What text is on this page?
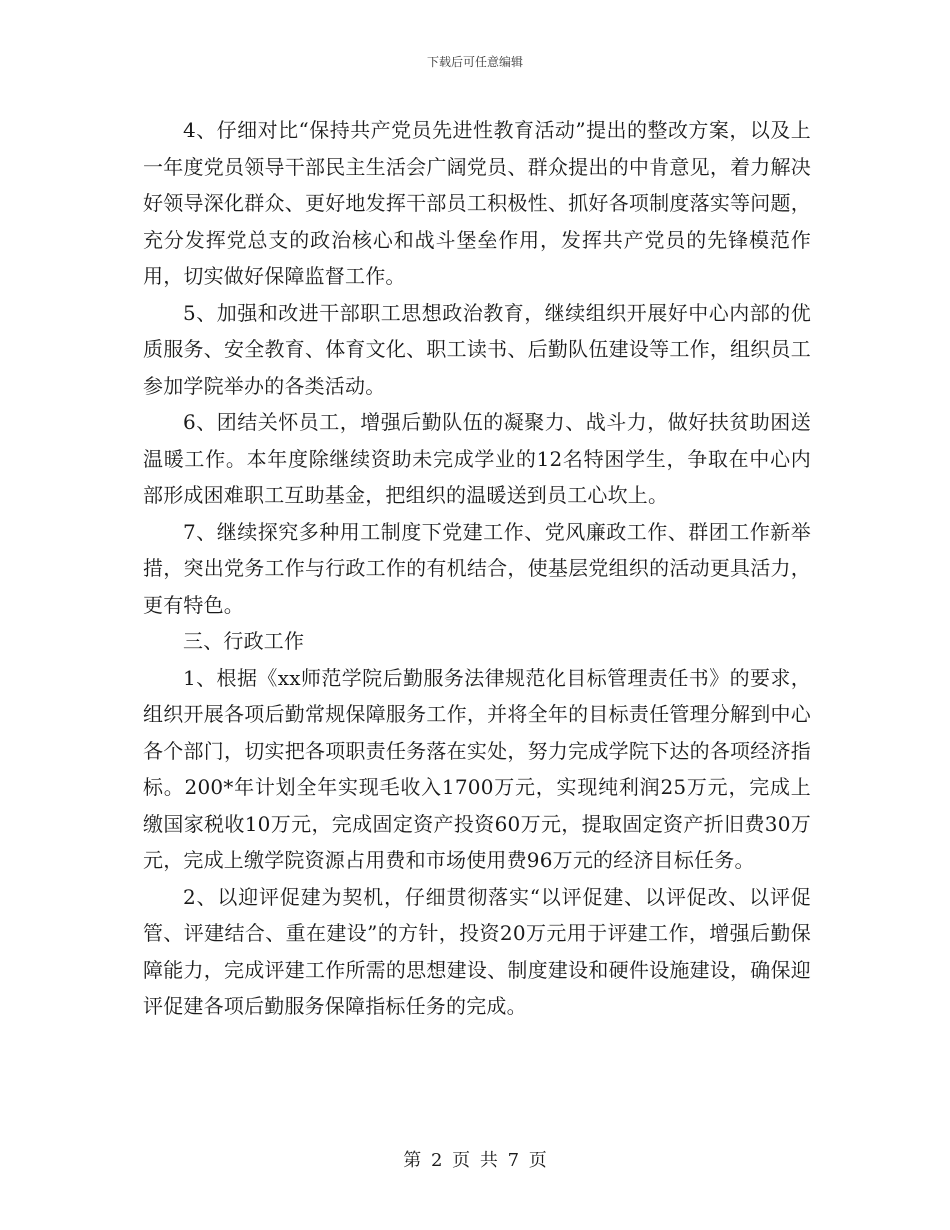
下载后可任意编辑

4、仔细对比“保持共产党员先进性教育活动”提出的整改方案，以及上一年度党员领导干部民主生活会广阔党员、群众提出的中肯意见，着力解决好领导深化群众、更好地发挥干部员工积极性、抓好各项制度落实等问题，充分发挥党总支的政治核心和战斗堡垒作用，发挥共产党员的先锋模范作用，切实做好保障监督工作。

5、加强和改进干部职工思想政治教育，继续组织开展好中心内部的优质服务、安全教育、体育文化、职工读书、后勤队伍建设等工作，组织员工参加学院举办的各类活动。

6、团结关怀员工，增强后勤队伍的凝聚力、战斗力，做好扶贫助困送温暖工作。本年度除继续资助未完成学业的12名特困学生，争取在中心内部形成困难职工互助基金，把组织的温暖送到员工心坎上。

7、继续探究多种用工制度下党建工作、党风廉政工作、群团工作新举措，突出党务工作与行政工作的有机结合，使基层党组织的活动更具活力，更有特色。

三、行政工作

1、根据《xx师范学院后勤服务法律规范化目标管理责任书》的要求，组织开展各项后勤常规保障服务工作，并将全年的目标责任管理分解到中心各个部门，切实把各项职责任务落在实处，努力完成学院下达的各项经济指标。200*年计划全年实现毛收入1700万元，实现纯利润25万元，完成上缴国家税收10万元，完成固定资产投资60万元，提取固定资产折旧费30万元，完成上缴学院资源占用费和市场使用费96万元的经济目标任务。

2、以迎评促建为契机，仔细贯彻落实“以评促建、以评促改、以评促管、评建结合、重在建设”的方针，投资20万元用于评建工作，增强后勤保障能力，完成评建工作所需的思想建设、制度建设和硬件设施建设，确保迎评促建各项后勤服务保障指标任务的完成。

第 2 页 共 7 页
